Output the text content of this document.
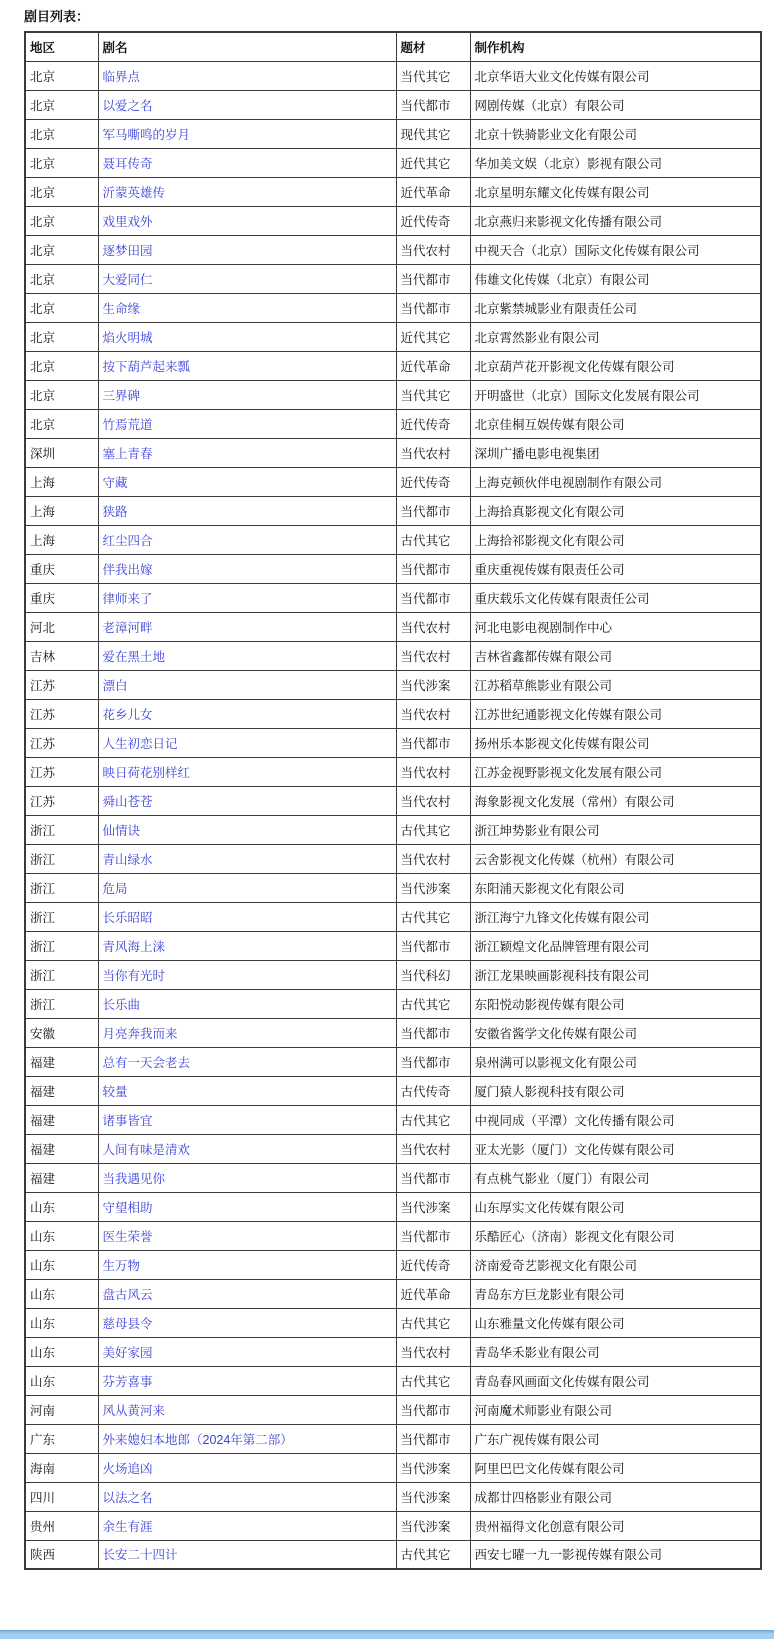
剧目列表：
地区	剧名	题材	制作机构
北京	临界点	当代其它	北京华语大业文化传媒有限公司
北京	以爱之名	当代都市	网剧传媒（北京）有限公司
北京	军马嘶鸣的岁月	现代其它	北京十铁骑影业文化有限公司
北京	聂耳传奇	近代其它	华加美文娱（北京）影视有限公司
北京	沂蒙英雄传	近代革命	北京星明东耀文化传媒有限公司
北京	戏里戏外	近代传奇	北京燕归来影视文化传播有限公司
北京	逐梦田园	当代农村	中视天合（北京）国际文化传媒有限公司
北京	大爱同仁	当代都市	伟雄文化传媒（北京）有限公司
北京	生命缘	当代都市	北京紫禁城影业有限责任公司
北京	焰火明城	近代其它	北京霄然影业有限公司
北京	按下葫芦起来瓢	近代革命	北京葫芦花开影视文化传媒有限公司
北京	三界碑	当代其它	开明盛世（北京）国际文化发展有限公司
北京	竹焉荒道	近代传奇	北京佳桐互娱传媒有限公司
深圳	塞上青春	当代农村	深圳广播电影电视集团
上海	守藏	近代传奇	上海克顿伙伴电视剧制作有限公司
上海	狭路	当代都市	上海拾真影视文化有限公司
上海	红尘四合	古代其它	上海拾祁影视文化有限公司
重庆	伴我出嫁	当代都市	重庆重视传媒有限责任公司
重庆	律师来了	当代都市	重庆载乐文化传媒有限责任公司
河北	老漳河畔	当代农村	河北电影电视剧制作中心
吉林	爱在黑土地	当代农村	吉林省鑫都传媒有限公司
江苏	漂白	当代涉案	江苏稻草熊影业有限公司
江苏	花乡儿女	当代农村	江苏世纪通影视文化传媒有限公司
江苏	人生初恋日记	当代都市	扬州乐本影视文化传媒有限公司
江苏	映日荷花别样红	当代农村	江苏金视野影视文化发展有限公司
江苏	舜山苍苍	当代农村	海象影视文化发展（常州）有限公司
浙江	仙情诀	古代其它	浙江坤势影业有限公司
浙江	青山绿水	当代农村	云舍影视文化传媒（杭州）有限公司
浙江	危局	当代涉案	东阳浦天影视文化有限公司
浙江	长乐昭昭	古代其它	浙江海宁九锋文化传媒有限公司
浙江	青风海上涞	当代都市	浙江颖煌文化品牌管理有限公司
浙江	当你有光时	当代科幻	浙江龙果映画影视科技有限公司
浙江	长乐曲	古代其它	东阳悦动影视传媒有限公司
安徽	月亮奔我而来	当代都市	安徽省酱学文化传媒有限公司
福建	总有一天会老去	当代都市	泉州满可以影视文化有限公司
福建	较量	古代传奇	厦门猿人影视科技有限公司
福建	诸事皆宜	古代其它	中视同成（平潭）文化传播有限公司
福建	人间有味是清欢	当代农村	亚太光影（厦门）文化传媒有限公司
福建	当我遇见你	当代都市	有点桃气影业（厦门）有限公司
山东	守望相助	当代涉案	山东厚实文化传媒有限公司
山东	医生荣誉	当代都市	乐酷匠心（济南）影视文化有限公司
山东	生万物	近代传奇	济南爱奇艺影视文化有限公司
山东	盘古风云	近代革命	青岛东方巨龙影业有限公司
山东	慈母县令	古代其它	山东雅量文化传媒有限公司
山东	美好家园	当代农村	青岛华禾影业有限公司
山东	芬芳喜事	古代其它	青岛春风画面文化传媒有限公司
河南	风从黄河来	当代都市	河南魔术师影业有限公司
广东	外来媳妇本地郎（2024年第二部）	当代都市	广东广视传媒有限公司
海南	火场追凶	当代涉案	阿里巴巴文化传媒有限公司
四川	以法之名	当代涉案	成都廿四格影业有限公司
贵州	余生有涯	当代涉案	贵州福得文化创意有限公司
陕西	长安二十四计	古代其它	西安七曜一九一影视传媒有限公司
